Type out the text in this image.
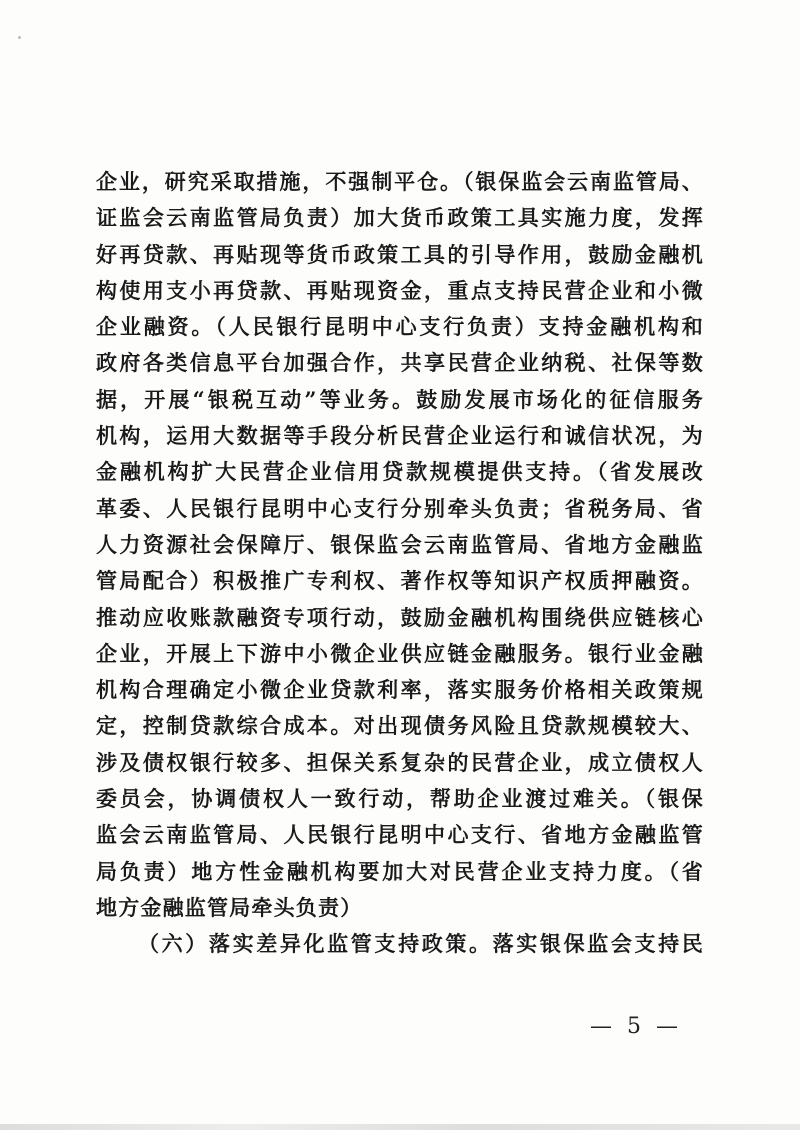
企业，研究采取措施，不强制平仓。（银保监会云南监管局、
证监会云南监管局负责）加大货币政策工具实施力度，发挥
好再贷款、再贴现等货币政策工具的引导作用，鼓励金融机
构使用支小再贷款、再贴现资金，重点支持民营企业和小微
企业融资。（人民银行昆明中心支行负责）支持金融机构和
政府各类信息平台加强合作，共享民营企业纳税、社保等数
据，开展“银税互动”等业务。鼓励发展市场化的征信服务
机构，运用大数据等手段分析民营企业运行和诚信状况，为
金融机构扩大民营企业信用贷款规模提供支持。（省发展改
革委、人民银行昆明中心支行分别牵头负责；省税务局、省
人力资源社会保障厅、银保监会云南监管局、省地方金融监
管局配合）积极推广专利权、著作权等知识产权质押融资。
推动应收账款融资专项行动，鼓励金融机构围绕供应链核心
企业，开展上下游中小微企业供应链金融服务。银行业金融
机构合理确定小微企业贷款利率，落实服务价格相关政策规
定，控制贷款综合成本。对出现债务风险且贷款规模较大、
涉及债权银行较多、担保关系复杂的民营企业，成立债权人
委员会，协调债权人一致行动，帮助企业渡过难关。（银保
监会云南监管局、人民银行昆明中心支行、省地方金融监管
局负责）地方性金融机构要加大对民营企业支持力度。（省
地方金融监管局牵头负责）
（六）落实差异化监管支持政策。落实银保监会支持民
— 5 —
